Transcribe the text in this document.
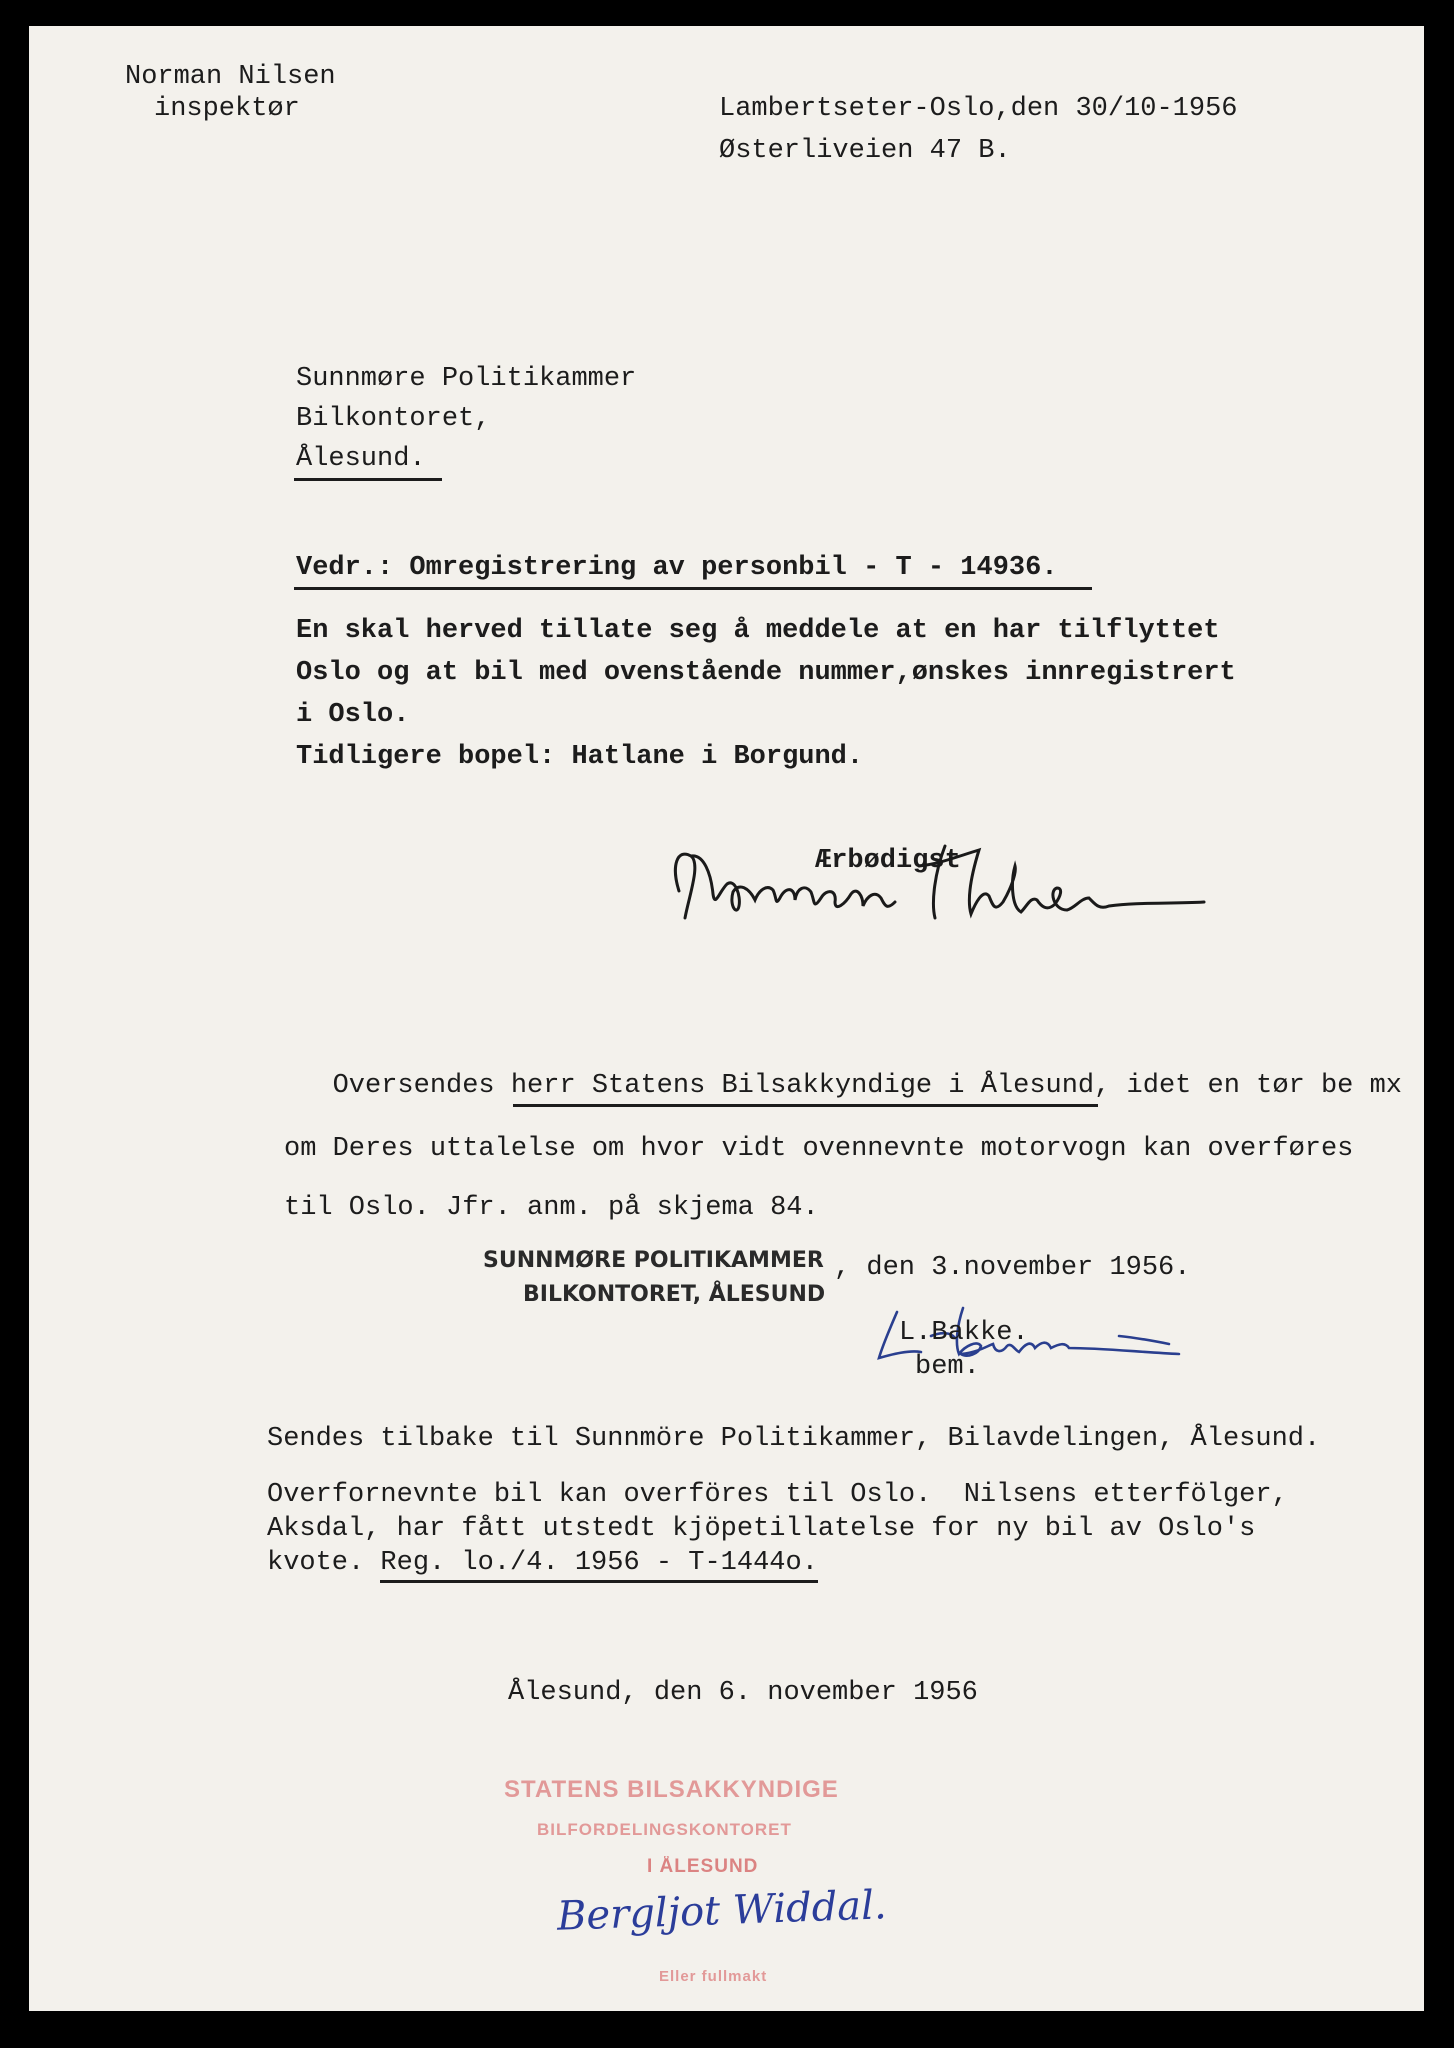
Norman Nilsen
inspektør	Lambertseter-Oslo,den 30/10-1956
Østerliveien 47 B.
Sunnmøre Politikammer
Bilkontoret,
Ålesund.
Vedr.: Omregistrering av personbil - T - 14936.
En skal herved tillate seg å meddele at en har tilflyttet
Oslo og at bil med ovenstående nummer,ønskes innregistrert
i Oslo.
Tidligere bopel: Hatlane i Borgund.
Ærbødigst
Oversendes herr Statens Bilsakkyndige i Ålesund, idet en tør be mx
om Deres uttalelse om hvor vidt ovennevnte motorvogn kan overføres
til Oslo. Jfr. anm. på skjema 84.
SUNNMØRE POLITIKAMMER
BILKONTORET, ÅLESUND
, den 3.november 1956.
L.Bakke.
bem.
Sendes tilbake til Sunnmöre Politikammer, Bilavdelingen, Ålesund.
Overfornevnte bil kan overföres til Oslo.  Nilsens etterfölger,
Aksdal, har fått utstedt kjöpetillatelse for ny bil av Oslo's
kvote. Reg. lo./4. 1956 - T-1444o.
Ålesund, den 6. november 1956
STATENS BILSAKKYNDIGE
BILFORDELINGSKONTORET
I ÅLESUND
Eller fullmakt
Bergljot Widdal.
